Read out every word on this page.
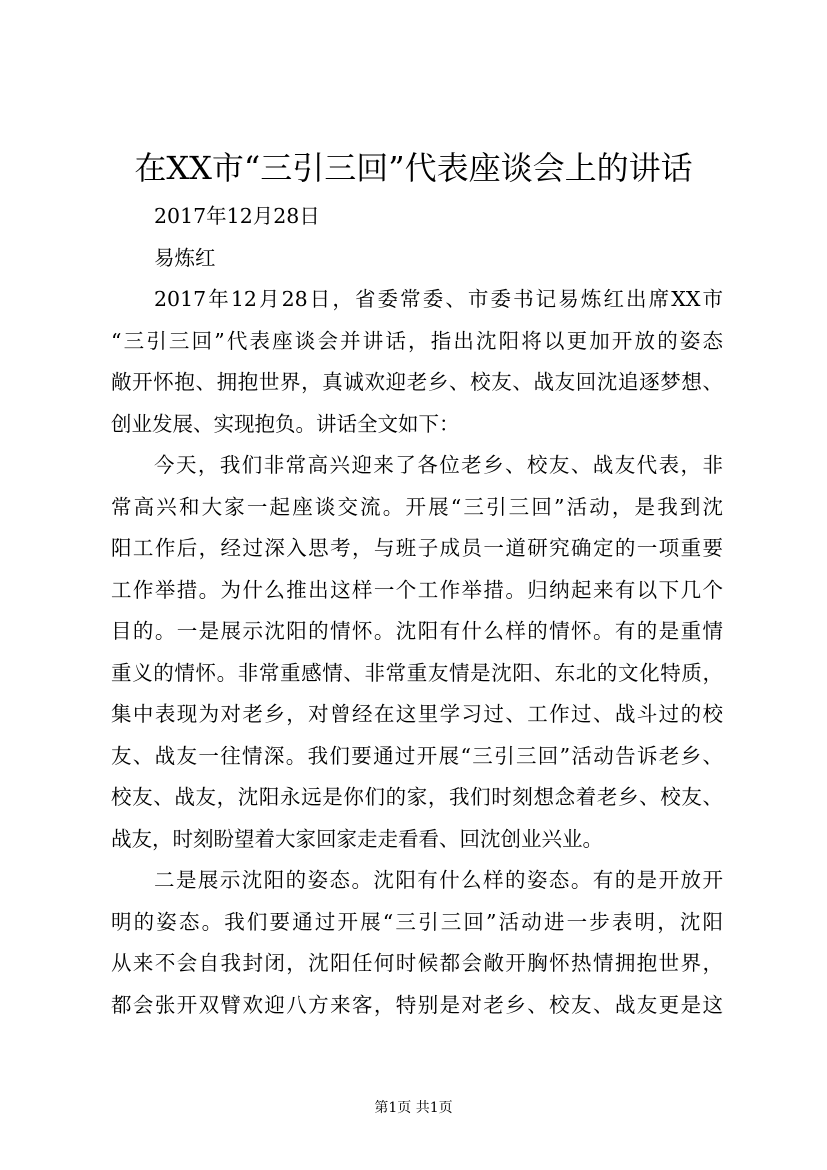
在XX市“三引三回”代表座谈会上的讲话
2017年12月28日
易炼红
2017年12月28日，省委常委、市委书记易炼红出席XX市
“三引三回”代表座谈会并讲话，指出沈阳将以更加开放的姿态
敞开怀抱、拥抱世界，真诚欢迎老乡、校友、战友回沈追逐梦想、
创业发展、实现抱负。讲话全文如下：
今天，我们非常高兴迎来了各位老乡、校友、战友代表，非
常高兴和大家一起座谈交流。开展“三引三回”活动，是我到沈
阳工作后，经过深入思考，与班子成员一道研究确定的一项重要
工作举措。为什么推出这样一个工作举措。归纳起来有以下几个
目的。一是展示沈阳的情怀。沈阳有什么样的情怀。有的是重情
重义的情怀。非常重感情、非常重友情是沈阳、东北的文化特质，
集中表现为对老乡，对曾经在这里学习过、工作过、战斗过的校
友、战友一往情深。我们要通过开展“三引三回”活动告诉老乡、
校友、战友，沈阳永远是你们的家，我们时刻想念着老乡、校友、
战友，时刻盼望着大家回家走走看看、回沈创业兴业。
二是展示沈阳的姿态。沈阳有什么样的姿态。有的是开放开
明的姿态。我们要通过开展“三引三回”活动进一步表明，沈阳
从来不会自我封闭，沈阳任何时候都会敞开胸怀热情拥抱世界，
都会张开双臂欢迎八方来客，特别是对老乡、校友、战友更是这
第1页 共1页
